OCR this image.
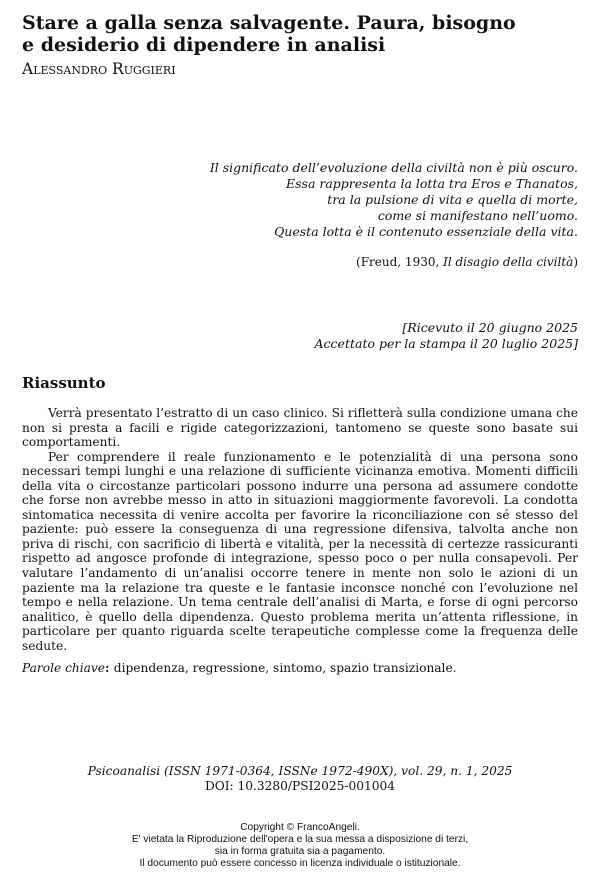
Stare a galla senza salvagente. Paura, bisogno
e desiderio di dipendere in analisi
Alessandro Ruggieri
Il significato dell’evoluzione della civiltà non è più oscuro.
Essa rappresenta la lotta tra Eros e Thanatos,
tra la pulsione di vita e quella di morte,
come si manifestano nell’uomo.
Questa lotta è il contenuto essenziale della vita.
(Freud, 1930, Il disagio della civiltà)
[Ricevuto il 20 giugno 2025
Accettato per la stampa il 20 luglio 2025]
Riassunto

Verrà presentato l’estratto di un caso clinico. Si rifletterà sulla condizione umana che non si presta a facili e rigide categorizzazioni, tantomeno se queste sono basate sui comportamenti.

Per comprendere il reale funzionamento e le potenzialità di una persona sono necessari tempi lunghi e una relazione di sufficiente vicinanza emotiva. Momenti difficili della vita o circostanze particolari possono indurre una persona ad assumere condotte che forse non avrebbe messo in atto in situazioni maggiormente favorevoli. La condotta sintomatica necessita di venire accolta per favorire la riconciliazione con sé stesso del paziente: può essere la conseguenza di una regressione difensiva, talvolta anche non priva di rischi, con sacrificio di libertà e vitalità, per la necessità di certezze rassicuranti rispetto ad angosce profonde di integrazione, spesso poco o per nulla consapevoli. Per valutare l’andamento di un’analisi occorre tenere in mente non solo le azioni di un paziente ma la relazione tra queste e le fantasie inconsce nonché con l’evoluzione nel tempo e nella relazione. Un tema centrale dell’analisi di Marta, e forse di ogni percorso analitico, è quello della dipendenza. Questo problema merita un’attenta riflessione, in particolare per quanto riguarda scelte terapeutiche complesse come la frequenza delle sedute.

Parole chiave: dipendenza, regressione, sintomo, spazio transizionale.
Psicoanalisi (ISSN 1971-0364, ISSNe 1972-490X), vol. 29, n. 1, 2025
DOI: 10.3280/PSI2025-001004
Copyright © FrancoAngeli.
E' vietata la Riproduzione dell'opera e la sua messa a disposizione di terzi,
sia in forma gratuita sia a pagamento.
Il documento può essere concesso in licenza individuale o istituzionale.
